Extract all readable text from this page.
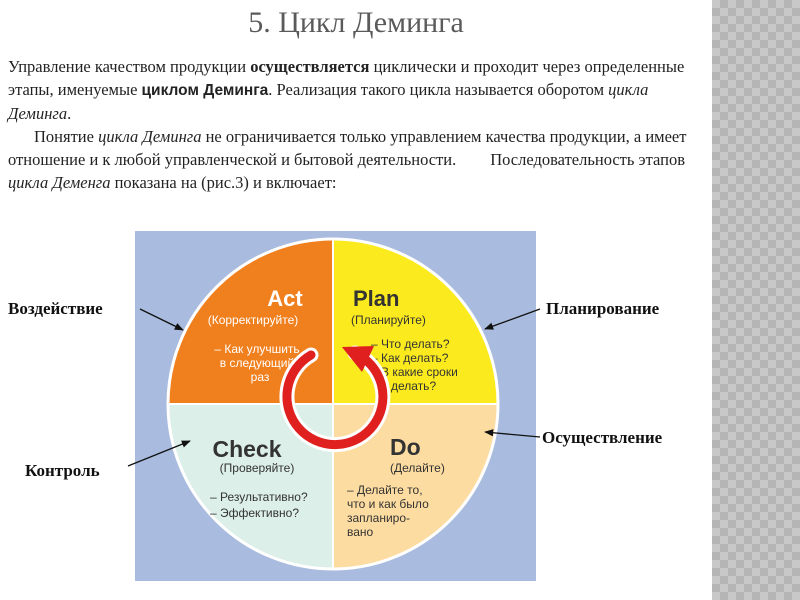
5. Цикл Деминга

Управление качеством продукции осуществляется циклически и проходит через определенные этапы, именуемые циклом Деминга. Реализация такого цикла называется оборотом цикла Деминга.

Понятие цикла Деминга не ограничивается только управлением качества продукции, а имеет отношение и к любой управленческой и бытовой деятельности. Последовательность этапов цикла Деменга показана на (рис.3) и включает:

Act
(Корректируйте)
– Как улучшить
в следующий
раз
Plan
(Планируйте)
– Что делать?
– Как делать?
– В какие сроки
делать?
Check
(Проверяйте)
– Результативно?
– Эффективно?
Do
(Делайте)
– Делайте то,
что и как было
запланиро-
вано
Воздействие	Планирование
Осуществление
Контроль
